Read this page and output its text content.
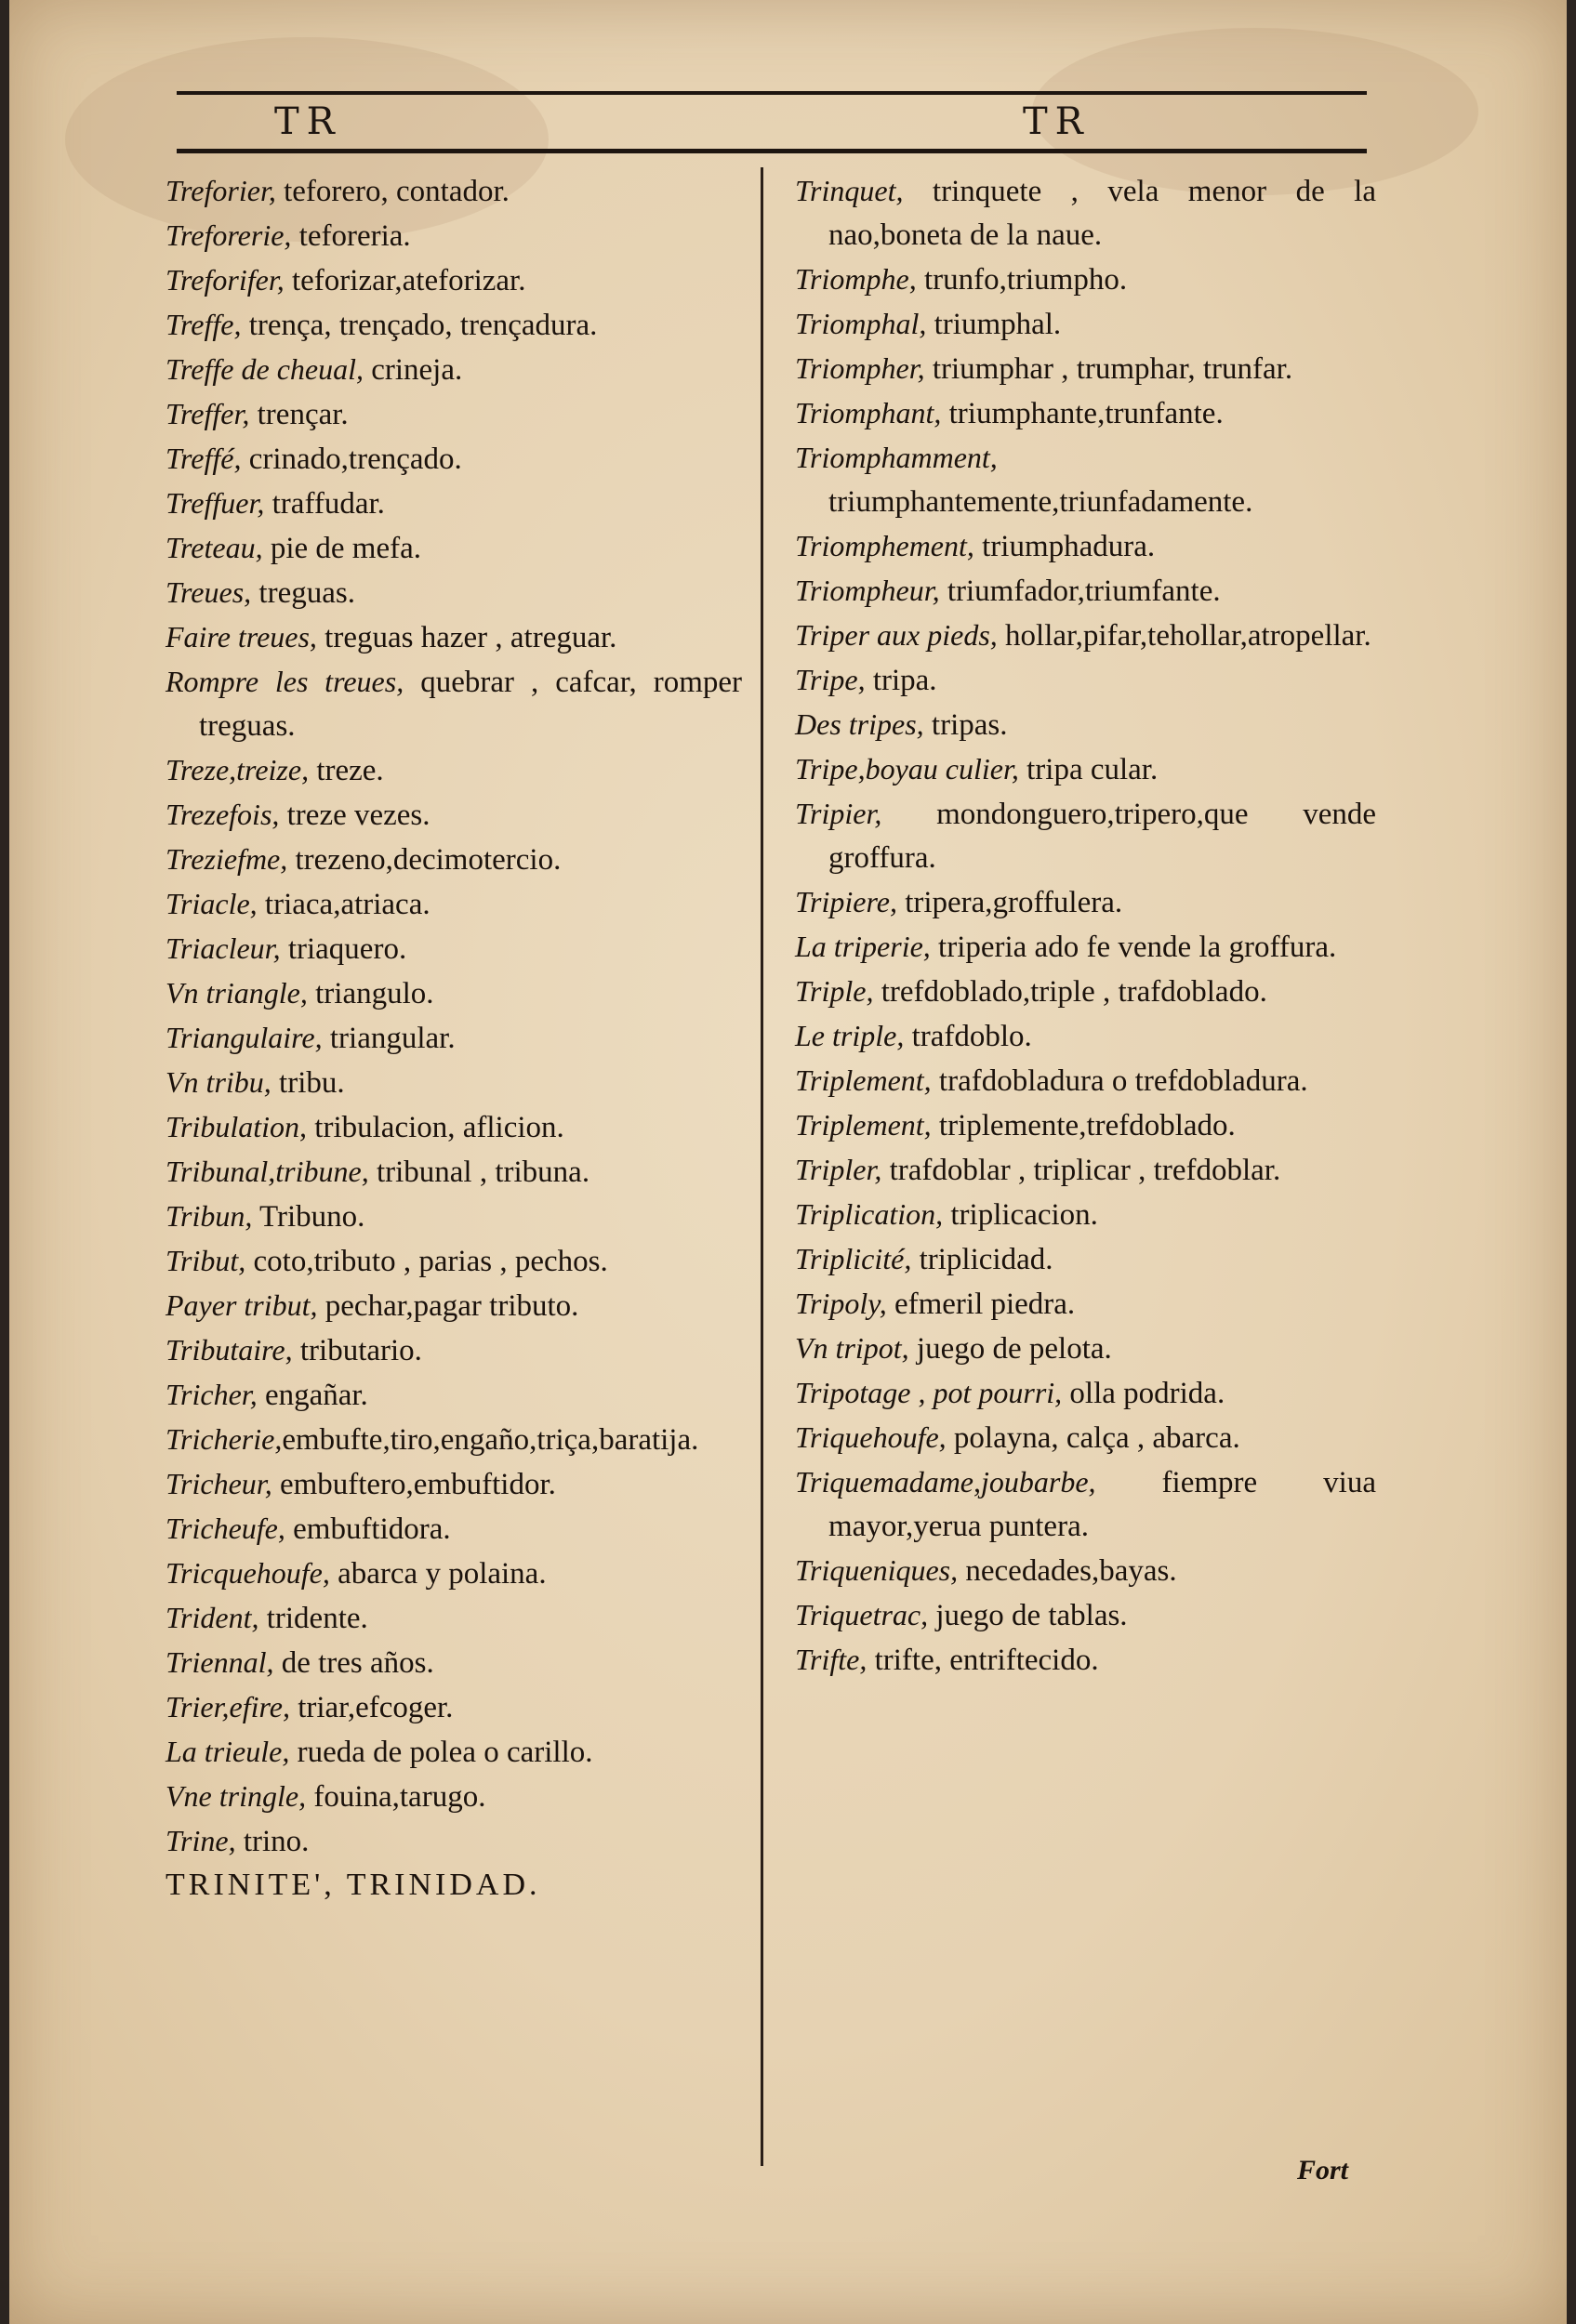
TR	TR
Treforier, teforero, contador.
Treforerie, teforeria.
Treforifer, teforizar,ateforizar.
Treffe, trença, trençado, trençadura.
Treffe de cheual, crineja.
Treffer, trençar.
Treffé, crinado,trençado.
Treffuer, traffudar.
Treteau, pie de mefa.
Treues, treguas.
Faire treues, treguas hazer , atreguar.
Rompre les treues, quebrar , cafcar, romper treguas.
Treze,treize, treze.
Trezefois, treze vezes.
Treziefme, trezeno,decimotercio.
Triacle, triaca,atriaca.
Triacleur, triaquero.
Vn triangle, triangulo.
Triangulaire, triangular.
Vn tribu, tribu.
Tribulation, tribulacion, aflicion.
Tribunal,tribune, tribunal , tribuna.
Tribun, Tribuno.
Tribut, coto,tributo , parias , pechos.
Payer tribut, pechar,pagar tributo.
Tributaire, tributario.
Tricher, engañar.
Tricherie,embufte,tiro,engaño,triça,baratija.
Tricheur, embuftero,embuftidor.
Tricheufe, embuftidora.
Tricquehoufe, abarca y polaina.
Trident, tridente.
Triennal, de tres años.
Trier,efire, triar,efcoger.
La trieule, rueda de polea o carillo.
Vne tringle, fouina,tarugo.
Trine, trino.
TRINITE', TRINIDAD.
Trinquet, trinquete , vela menor de la nao,boneta de la naue.
Triomphe, trunfo,triumpho.
Triomphal, triumphal.
Triompher, triumphar , trumphar, trunfar.
Triomphant, triumphante,trunfante.
Triomphamment, triumphantemente,triunfadamente.
Triomphement, triumphadura.
Triompheur, triumfador,triumfante.
Triper aux pieds, hollar,pifar,tehollar,atropellar.
Tripe, tripa.
Des tripes, tripas.
Tripe,boyau culier, tripa cular.
Tripier, mondonguero,tripero,que vende groffura.
Tripiere, tripera,groffulera.
La triperie, triperia ado fe vende la groffura.
Triple, trefdoblado,triple , trafdoblado.
Le triple, trafdoblo.
Triplement, trafdobladura o trefdobladura.
Triplement, triplemente,trefdoblado.
Tripler, trafdoblar , triplicar , trefdoblar.
Triplication, triplicacion.
Triplicité, triplicidad.
Tripoly, efmeril piedra.
Vn tripot, juego de pelota.
Tripotage , pot pourri, olla podrida.
Triquehoufe, polayna, calça , abarca.
Triquemadame,joubarbe, fiempre viua mayor,yerua puntera.
Triqueniques, necedades,bayas.
Triquetrac, juego de tablas.
Trifte, trifte, entriftecido.
Fort
